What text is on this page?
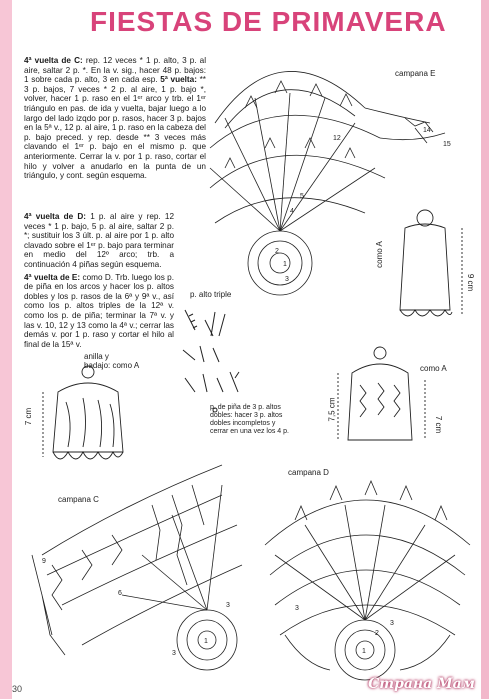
FIESTAS DE PRIMAVERA

4ª vuelta de C: rep. 12 veces * 1 p. alto, 3 p. al aire, saltar 2 p. *. En la v. sig., hacer 48 p. bajos: 1 sobre cada p. alto, 3 en cada esp. 5ª vuelta: ** 3 p. bajos, 7 veces * 2 p. al aire, 1 p. bajo *, volver, hacer 1 p. raso en el 1ᵉʳ arco y trb. el 1ᵉʳ triángulo en pas. de ida y vuelta, bajar luego a lo largo del lado izqdo por p. rasos, hacer 3 p. bajos en la 5ª v., 12 p. al aire, 1 p. raso en la cabeza del p. bajo preced. y rep. desde ** 3 veces más clavando el 1ᵉʳ p. bajo en el mismo p. que anteriormente. Cerrar la v. por 1 p. raso, cortar el hilo y volver a anudarlo en la punta de un triángulo, y cont. según esquema.

4ª vuelta de D: 1 p. al aire y rep. 12 veces * 1 p. bajo, 5 p. al aire, saltar 2 p. *; sustituir los 3 últ. p. al aire por 1 p. alto clavado sobre el 1ᵉʳ p. bajo para terminar en medio del 12º arco; trb. a continuación 4 piñas según esquema.

4ª vuelta de E: como D. Trb. luego los p. de piña en los arcos y hacer los p. altos dobles y los p. rasos de la 6ª y 9ª v., así como los p. altos triples de la 12ª v. como los p. de piña; terminar la 7ª v. y las v. 10, 12 y 13 como la 4ª v.; cerrar las demás v. por 1 p. raso y cortar el hilo al final de la 15ª v.

campana E
14
15
3
5
4
1
2
12
9 cm
como A
p. alto triple
p. de piña de 3 p. altos dobles: hacer 3 p. altos dobles incompletos y cerrar en una vez los 4 p.
anilla y
badajo: como A
7 cm
como A
7,5 cm
7 cm
campana C
1
3
9
6
3
campana D
1
2
3
3
30	Страна Мам
